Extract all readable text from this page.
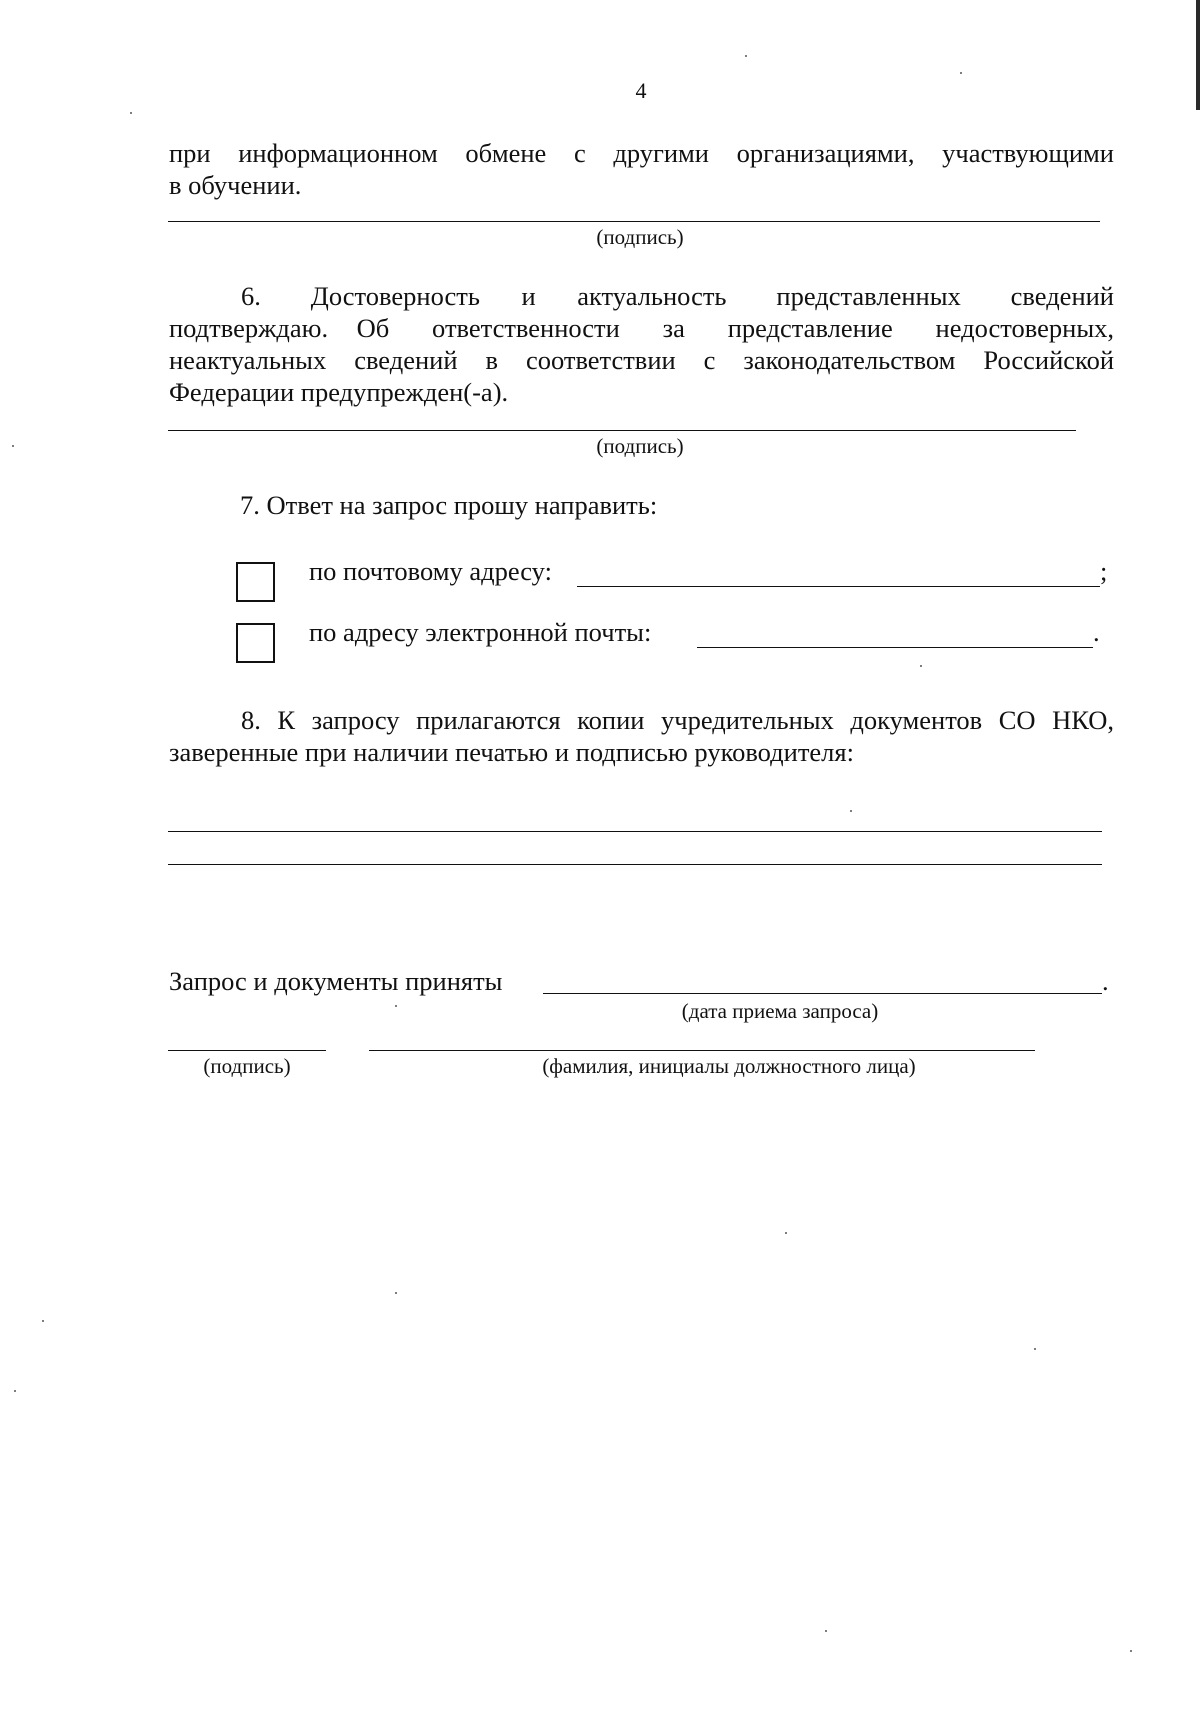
4
при информационном обмене с другими организациями, участвующими
в обучении.
(подпись)
6.      Достоверность     и     актуальность      представленных      сведений
подтверждаю.  Об   ответственности   за   представление   недостоверных,
неактуальных  сведений  в  соответствии  с  законодательством  Российской
Федерации предупрежден(-а).
(подпись)
7. Ответ на запрос прошу направить:
по почтовому адресу:	;
по адресу электронной почты:	.
8. К запросу прилагаются копии учредительных документов СО НКО,
заверенные при наличии печатью и подписью руководителя:
Запрос и документы приняты	.
(дата приема запроса)
(подпись)	(фамилия, инициалы должностного лица)
